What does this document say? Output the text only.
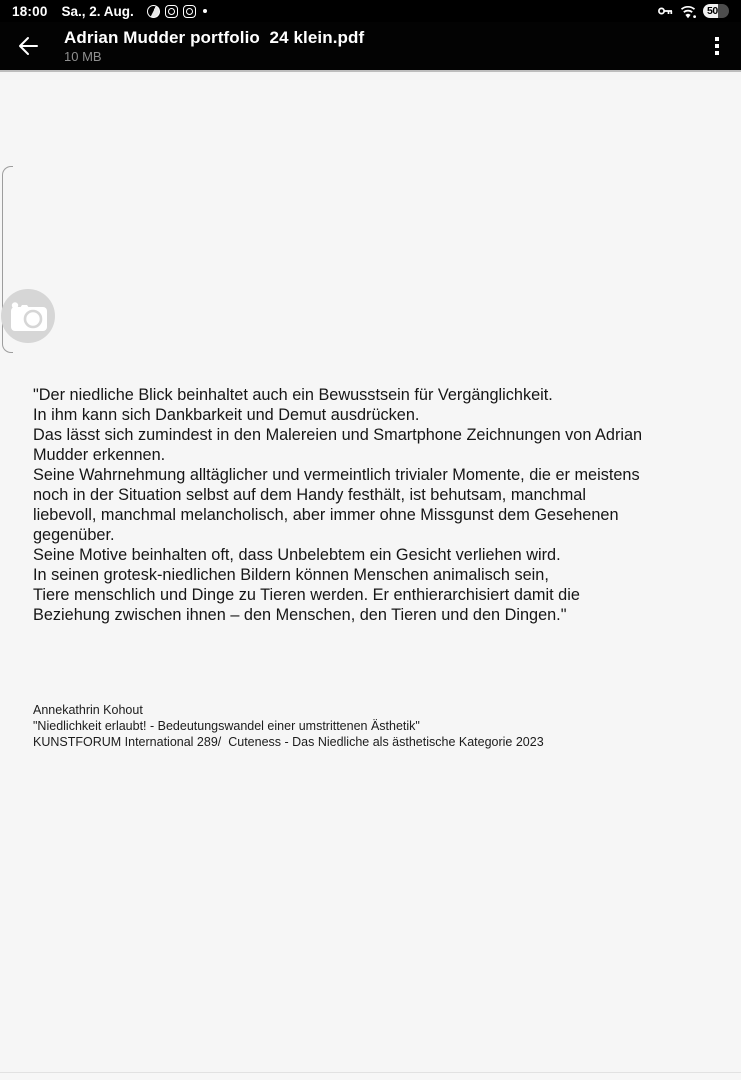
18:00 Sa., 2. Aug.	50
Adrian Mudder portfolio  24 klein.pdf
10 MB
"Der niedliche Blick beinhaltet auch ein Bewusstsein für Vergänglichkeit.
In ihm kann sich Dankbarkeit und Demut ausdrücken.
Das lässt sich zumindest in den Malereien und Smartphone Zeichnungen von Adrian
Mudder erkennen.
Seine Wahrnehmung alltäglicher und vermeintlich trivialer Momente, die er meistens
noch in der Situation selbst auf dem Handy festhält, ist behutsam, manchmal
liebevoll, manchmal melancholisch, aber immer ohne Missgunst dem Gesehenen
gegenüber.
Seine Motive beinhalten oft, dass Unbelebtem ein Gesicht verliehen wird.
In seinen grotesk-niedlichen Bildern können Menschen animalisch sein,
Tiere menschlich und Dinge zu Tieren werden. Er enthierarchisiert damit die
Beziehung zwischen ihnen – den Menschen, den Tieren und den Dingen."
Annekathrin Kohout
"Niedlichkeit erlaubt! - Bedeutungswandel einer umstrittenen Ästhetik"
KUNSTFORUM International 289/  Cuteness - Das Niedliche als ästhetische Kategorie 2023
